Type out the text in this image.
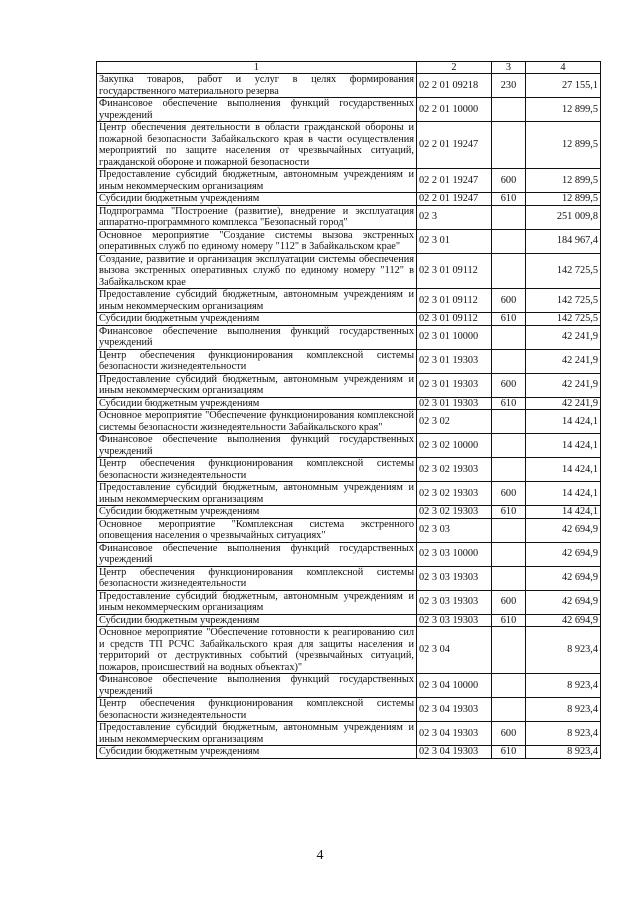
1	2	3	4
Закупка товаров, работ и услуг в целях формирования государственного материального резерва	02 2 01 09218	230	27 155,1
Финансовое обеспечение выполнения функций государственных учреждений	02 2 01 10000		12 899,5
Центр обеспечения деятельности в области гражданской обороны и пожарной безопасности Забайкальского края в части осуществления мероприятий по защите населения от чрезвычайных ситуаций, гражданской обороне и пожарной безопасности	02 2 01 19247		12 899,5
Предоставление субсидий бюджетным, автономным учреждениям и иным некоммерческим организациям	02 2 01 19247	600	12 899,5
Субсидии бюджетным учреждениям	02 2 01 19247	610	12 899,5
Подпрограмма "Построение (развитие), внедрение и эксплуатация аппаратно-программного комплекса "Безопасный город"	02 3		251 009,8
Основное мероприятие "Создание системы вызова экстренных оперативных служб по единому номеру "112" в Забайкальском крае"	02 3 01		184 967,4
Создание, развитие и организация эксплуатации системы обеспечения вызова экстренных оперативных служб по единому номеру "112" в Забайкальском крае	02 3 01 09112		142 725,5
Предоставление субсидий бюджетным, автономным учреждениям и иным некоммерческим организациям	02 3 01 09112	600	142 725,5
Субсидии бюджетным учреждениям	02 3 01 09112	610	142 725,5
Финансовое обеспечение выполнения функций государственных учреждений	02 3 01 10000		42 241,9
Центр обеспечения функционирования комплексной системы безопасности жизнедеятельности	02 3 01 19303		42 241,9
Предоставление субсидий бюджетным, автономным учреждениям и иным некоммерческим организациям	02 3 01 19303	600	42 241,9
Субсидии бюджетным учреждениям	02 3 01 19303	610	42 241,9
Основное мероприятие "Обеспечение функционирования комплексной системы безопасности жизнедеятельности Забайкальского края"	02 3 02		14 424,1
Финансовое обеспечение выполнения функций государственных учреждений	02 3 02 10000		14 424,1
Центр обеспечения функционирования комплексной системы безопасности жизнедеятельности	02 3 02 19303		14 424,1
Предоставление субсидий бюджетным, автономным учреждениям и иным некоммерческим организациям	02 3 02 19303	600	14 424,1
Субсидии бюджетным учреждениям	02 3 02 19303	610	14 424,1
Основное мероприятие "Комплексная система экстренного оповещения населения о чрезвычайных ситуациях"	02 3 03		42 694,9
Финансовое обеспечение выполнения функций государственных учреждений	02 3 03 10000		42 694,9
Центр обеспечения функционирования комплексной системы безопасности жизнедеятельности	02 3 03 19303		42 694,9
Предоставление субсидий бюджетным, автономным учреждениям и иным некоммерческим организациям	02 3 03 19303	600	42 694,9
Субсидии бюджетным учреждениям	02 3 03 19303	610	42 694,9
Основное мероприятие "Обеспечение готовности к реагированию сил и средств ТП РСЧС Забайкальского края для защиты населения и территорий от деструктивных событий (чрезвычайных ситуаций, пожаров, происшествий на водных объектах)"	02 3 04		8 923,4
Финансовое обеспечение выполнения функций государственных учреждений	02 3 04 10000		8 923,4
Центр обеспечения функционирования комплексной системы безопасности жизнедеятельности	02 3 04 19303		8 923,4
Предоставление субсидий бюджетным, автономным учреждениям и иным некоммерческим организациям	02 3 04 19303	600	8 923,4
Субсидии бюджетным учреждениям	02 3 04 19303	610	8 923,4
4
